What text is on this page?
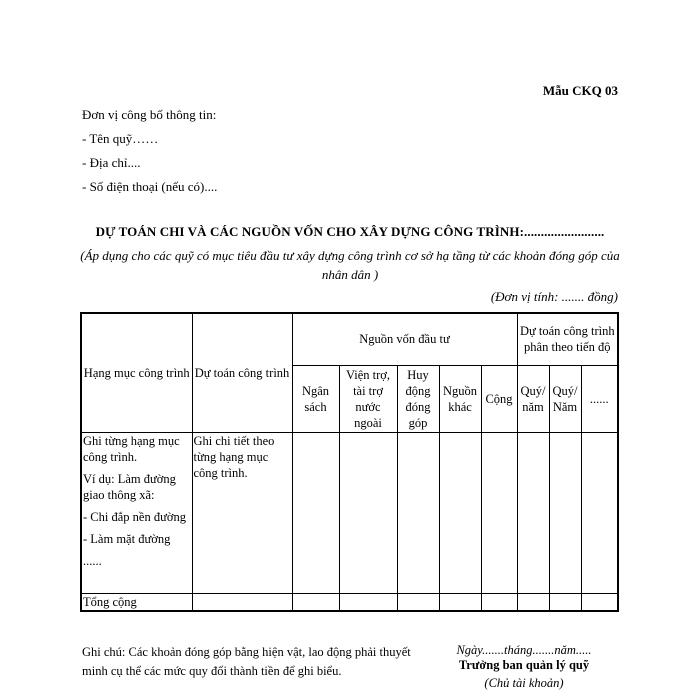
Mẫu CKQ 03
Đơn vị công bố thông tin:
- Tên quỹ……
- Địa chỉ....
- Số điện thoại (nếu có)....
DỰ TOÁN CHI VÀ CÁC NGUỒN VỐN CHO XÂY DỰNG CÔNG TRÌNH:........................
(Áp dụng cho các quỹ có mục tiêu đầu tư xây dựng công trình cơ sở hạ tầng từ các khoản đóng góp của nhân dân )
(Đơn vị tính: ....... đồng)
Hạng mục công trình	Dự toán công trình	Nguồn vốn đầu tư					Dự toán công trình phân theo tiến độ		
		Ngân sách	Viện trợ, tài trợ nước ngoài	Huy động đóng góp	Nguồn khác	Cộng	Quý/ năm	Quý/ Năm	......

Ghi từng hạng mục công trình.
Ví dụ: Làm đường giao thông xã:
- Chi đắp nền đường
- Làm mặt đường
......	Ghi chi tiết theo từng hạng mục công trình.								
Tổng cộng									
Ghi chú: Các khoản đóng góp bằng hiện vật, lao động phải thuyết minh cụ thể các mức quy đổi thành tiền để ghi biểu.
Ngày.......tháng.......năm.....
Trưởng ban quản lý quỹ
(Chủ tài khoản)
